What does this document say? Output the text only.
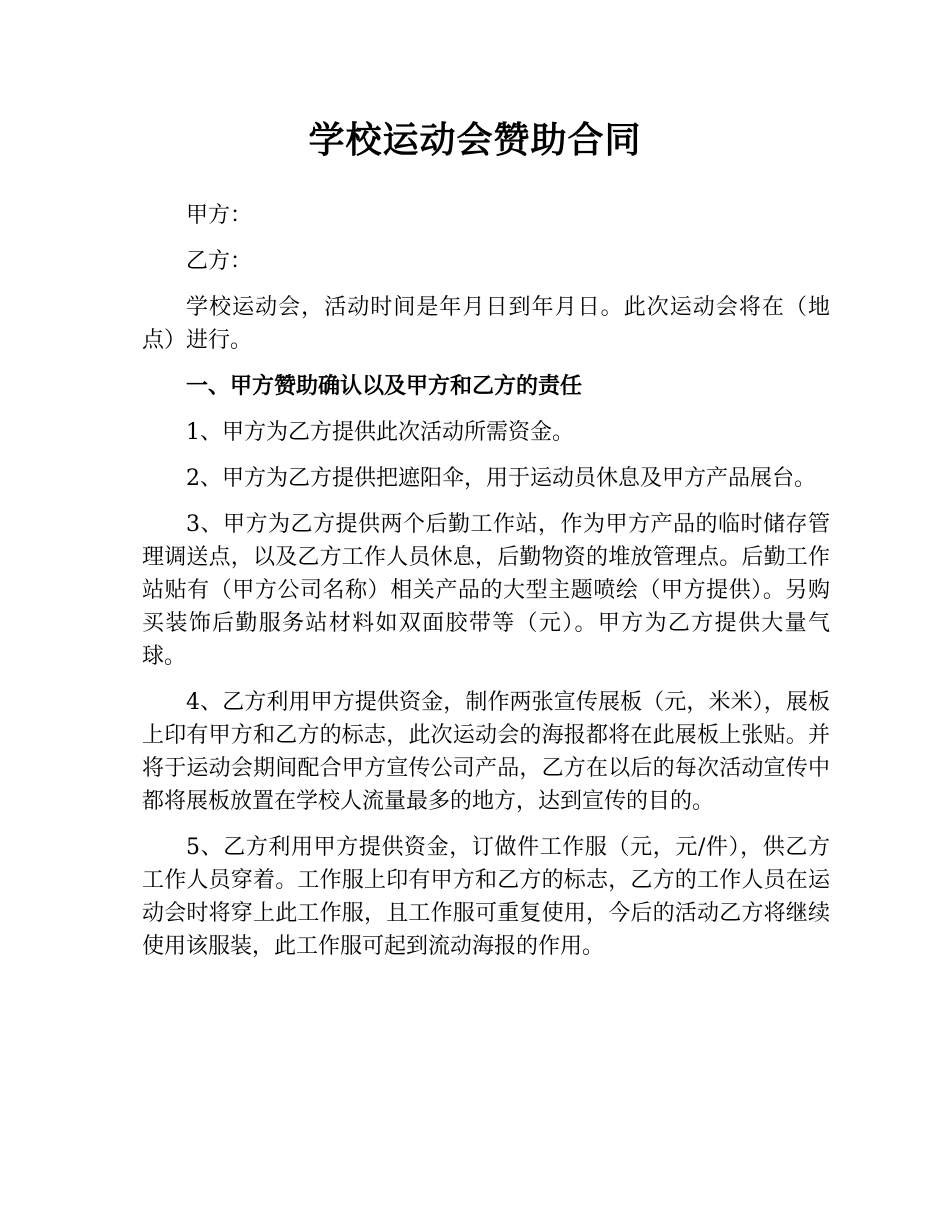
学校运动会赞助合同

甲方：

乙方：

学校运动会，活动时间是年月日到年月日。此次运动会将在（地点）进行。

一、甲方赞助确认以及甲方和乙方的责任

1、甲方为乙方提供此次活动所需资金。

2、甲方为乙方提供把遮阳伞，用于运动员休息及甲方产品展台。

3、甲方为乙方提供两个后勤工作站，作为甲方产品的临时储存管理调送点，以及乙方工作人员休息，后勤物资的堆放管理点。后勤工作站贴有（甲方公司名称）相关产品的大型主题喷绘（甲方提供）。另购买装饰后勤服务站材料如双面胶带等（元）。甲方为乙方提供大量气球。

4、乙方利用甲方提供资金，制作两张宣传展板（元，米米），展板上印有甲方和乙方的标志，此次运动会的海报都将在此展板上张贴。并将于运动会期间配合甲方宣传公司产品，乙方在以后的每次活动宣传中都将展板放置在学校人流量最多的地方，达到宣传的目的。

5、乙方利用甲方提供资金，订做件工作服（元，元/件），供乙方工作人员穿着。工作服上印有甲方和乙方的标志，乙方的工作人员在运动会时将穿上此工作服，且工作服可重复使用，今后的活动乙方将继续使用该服装，此工作服可起到流动海报的作用。
